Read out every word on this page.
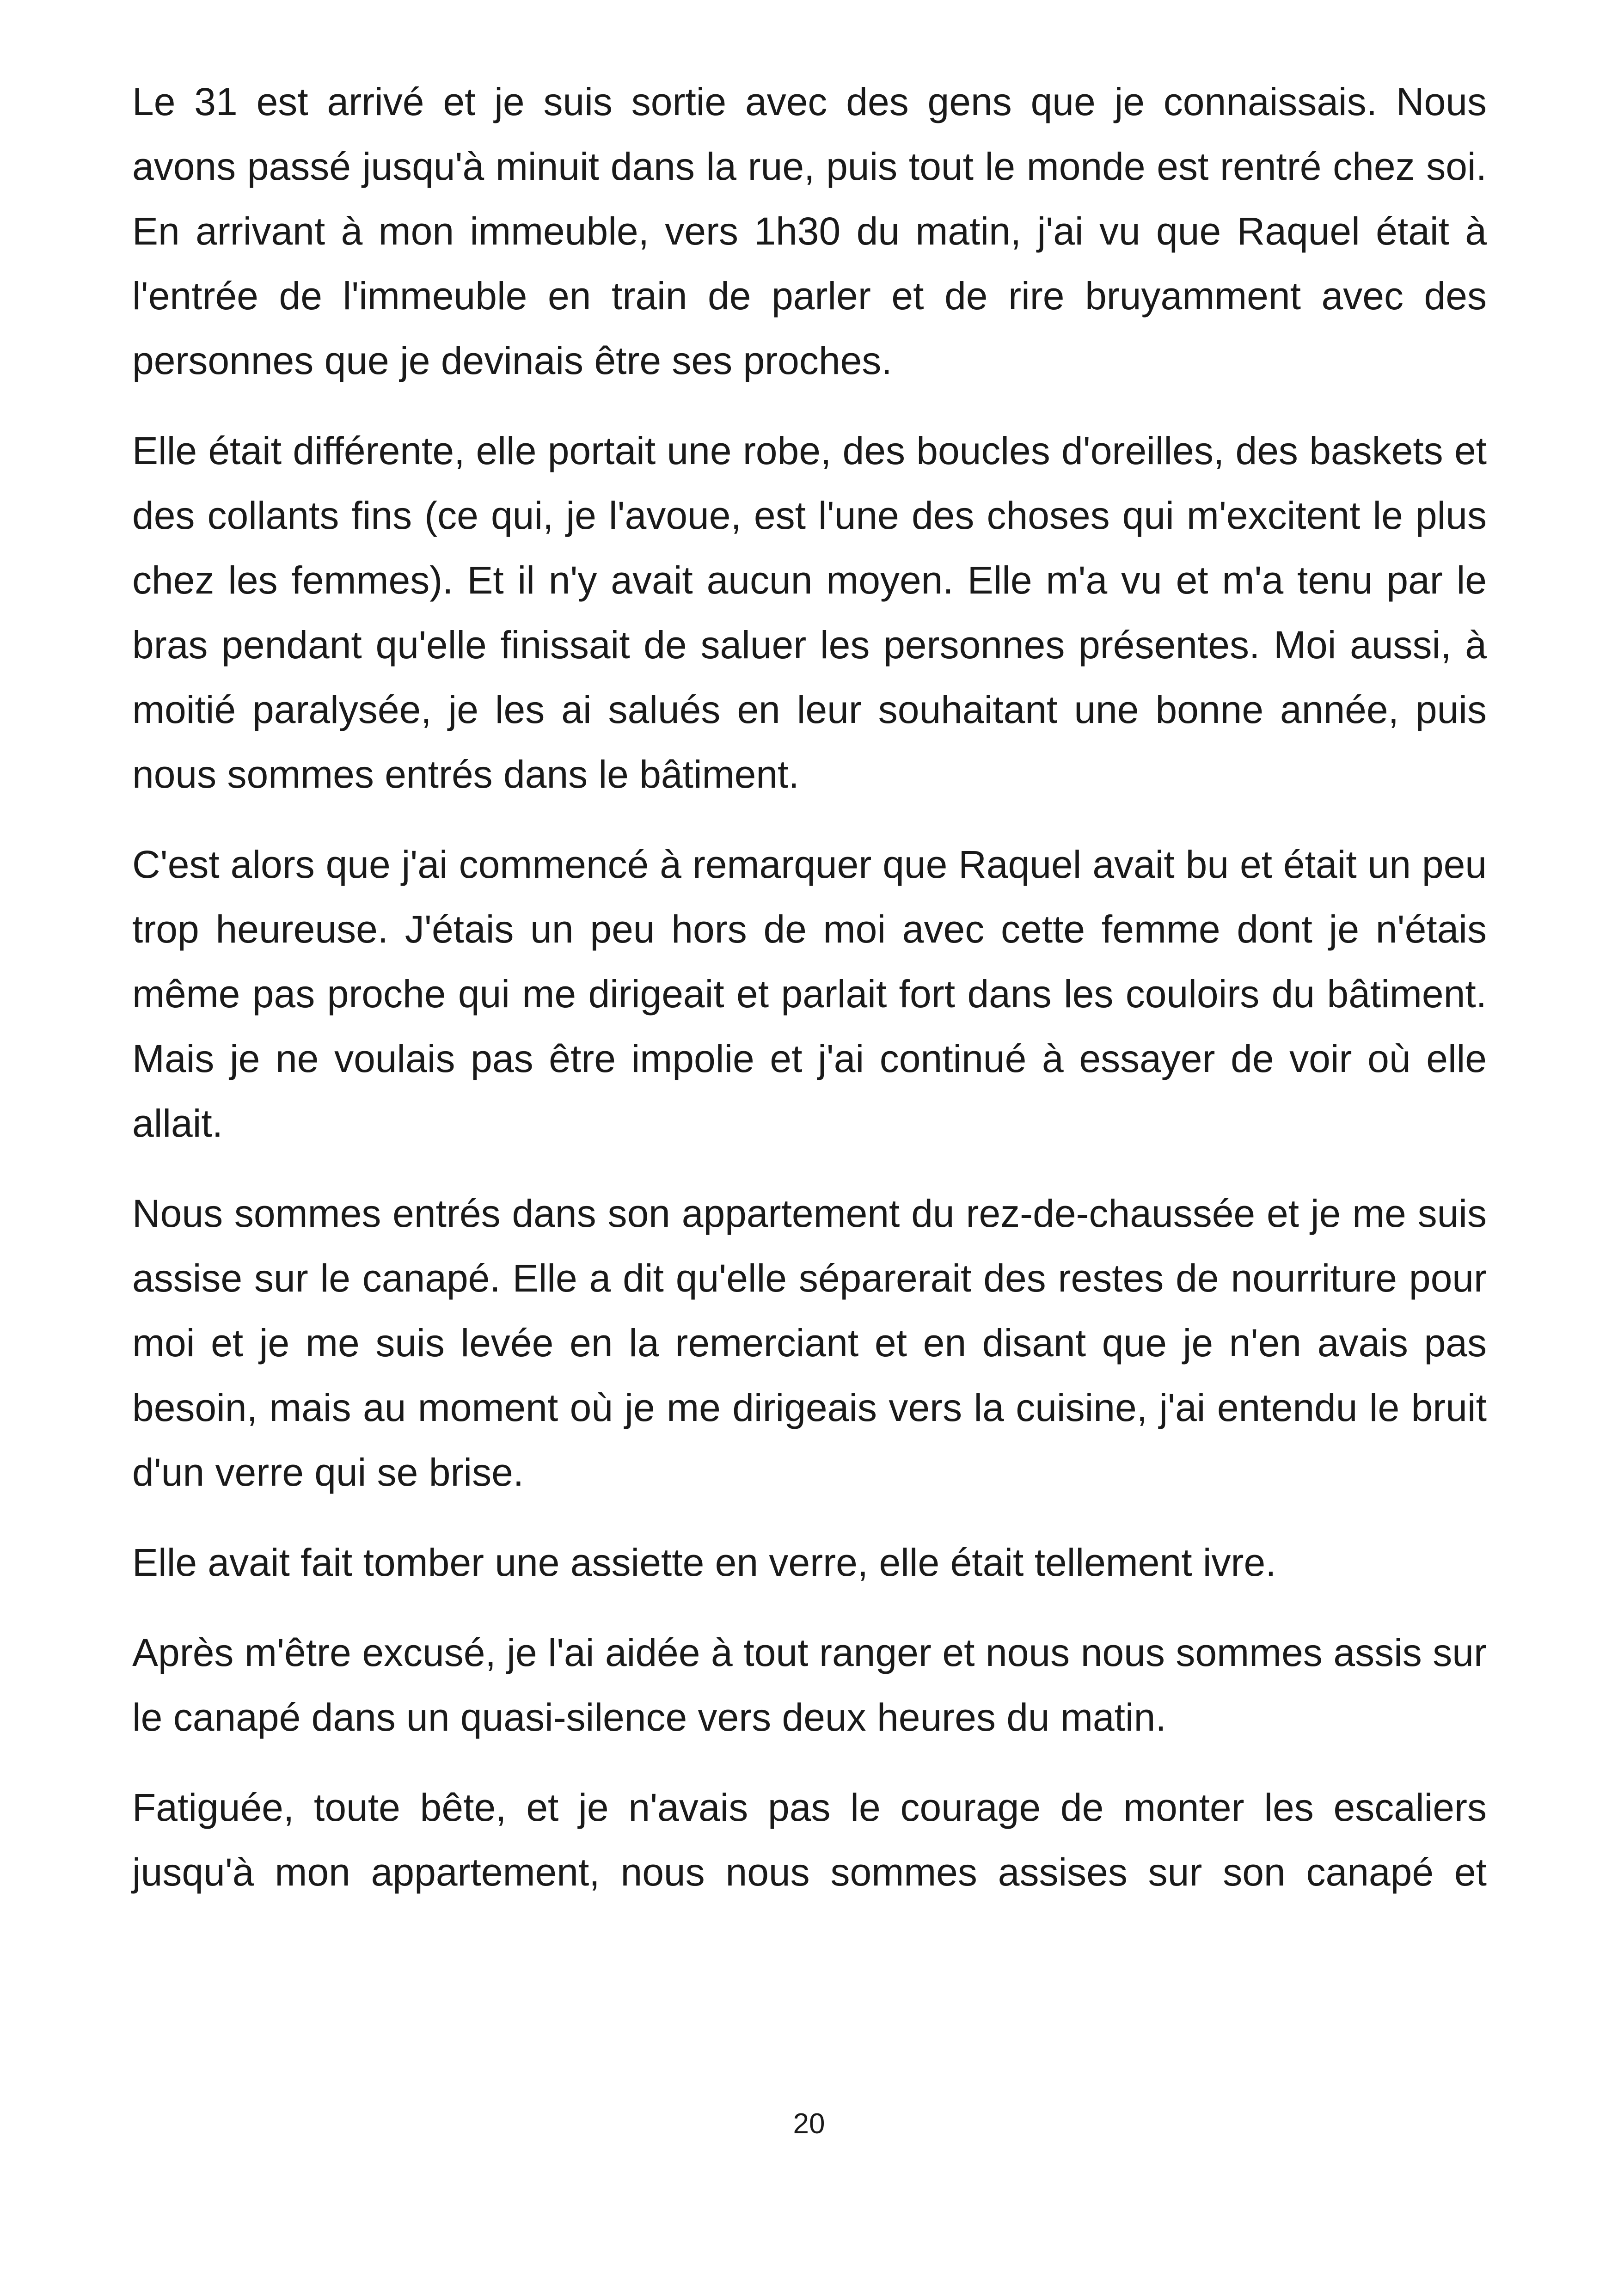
Le 31 est arrivé et je suis sortie avec des gens que je connaissais. Nous avons passé jusqu'à minuit dans la rue, puis tout le monde est rentré chez soi. En arrivant à mon immeuble, vers 1h30 du matin, j'ai vu que Raquel était à l'entrée de l'immeuble en train de parler et de rire bruyamment avec des personnes que je devinais être ses proches.

Elle était différente, elle portait une robe, des boucles d'oreilles, des baskets et des collants fins (ce qui, je l'avoue, est l'une des choses qui m'excitent le plus chez les femmes). Et il n'y avait aucun moyen. Elle m'a vu et m'a tenu par le bras pendant qu'elle finissait de saluer les personnes présentes. Moi aussi, à moitié paralysée, je les ai salués en leur souhaitant une bonne année, puis nous sommes entrés dans le bâtiment.

C'est alors que j'ai commencé à remarquer que Raquel avait bu et était un peu trop heureuse. J'étais un peu hors de moi avec cette femme dont je n'étais même pas proche qui me dirigeait et parlait fort dans les couloirs du bâtiment. Mais je ne voulais pas être impolie et j'ai continué à essayer de voir où elle allait.

Nous sommes entrés dans son appartement du rez-de-chaussée et je me suis assise sur le canapé. Elle a dit qu'elle séparerait des restes de nourriture pour moi et je me suis levée en la remerciant et en disant que je n'en avais pas besoin, mais au moment où je me dirigeais vers la cuisine, j'ai entendu le bruit d'un verre qui se brise.

Elle avait fait tomber une assiette en verre, elle était tellement ivre.

Après m'être excusé, je l'ai aidée à tout ranger et nous nous sommes assis sur le canapé dans un quasi-silence vers deux heures du matin.

Fatiguée, toute bête, et je n'avais pas le courage de monter les escaliers jusqu'à mon appartement, nous nous sommes assises sur son canapé et

20
